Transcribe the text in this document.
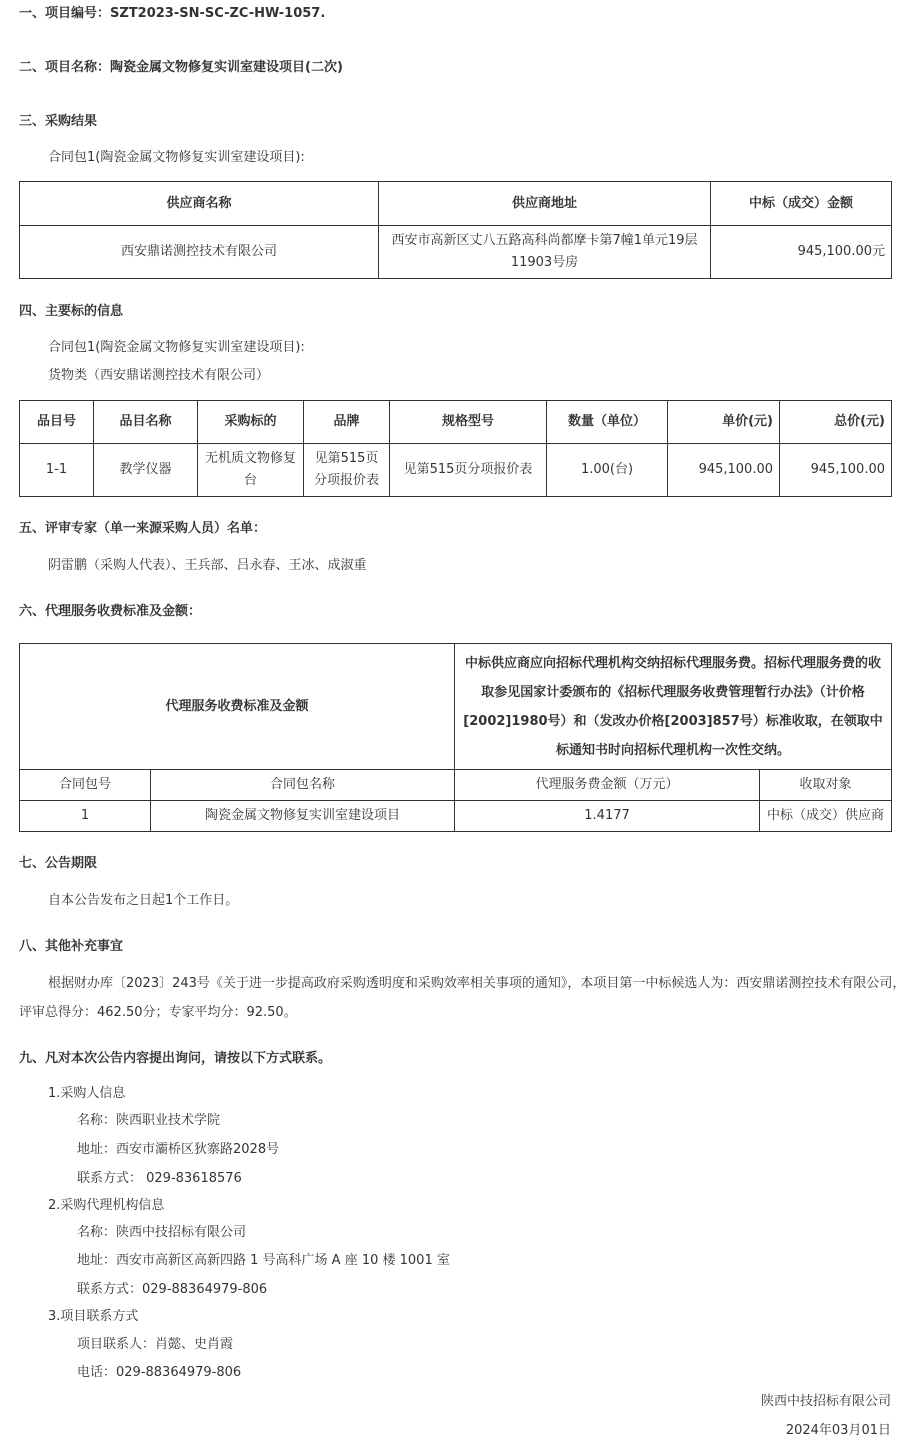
一、项目编号：SZT2023-SN-SC-ZC-HW-1057.
二、项目名称：陶瓷金属文物修复实训室建设项目(二次)
三、采购结果
合同包1(陶瓷金属文物修复实训室建设项目):
供应商名称	供应商地址	中标（成交）金额
西安鼎诺测控技术有限公司	西安市高新区丈八五路高科尚都摩卡第7幢1单元19层11903号房	945,100.00元
四、主要标的信息
合同包1(陶瓷金属文物修复实训室建设项目):
货物类（西安鼎诺测控技术有限公司）
品目号	品目名称	采购标的	品牌	规格型号	数量（单位）	单价(元)	总价(元)
1-1	教学仪器	无机质文物修复台	见第515页分项报价表	见第515页分项报价表	1.00(台)	945,100.00	945,100.00
五、评审专家（单一来源采购人员）名单：
阴雷鹏（采购人代表）、王兵部、吕永春、王冰、成淑重
六、代理服务收费标准及金额：
代理服务收费标准及金额		中标供应商应向招标代理机构交纳招标代理服务费。招标代理服务费的收取参见国家计委颁布的《招标代理服务收费管理暂行办法》（计价格[2002]1980号）和（发改办价格[2003]857号）标准收取，在领取中标通知书时向招标代理机构一次性交纳。	
合同包号	合同包名称	代理服务费金额（万元）	收取对象
1	陶瓷金属文物修复实训室建设项目	1.4177	中标（成交）供应商
七、公告期限
自本公告发布之日起1个工作日。
八、其他补充事宜
根据财办库〔2023〕243号《关于进一步提高政府采购透明度和采购效率相关事项的通知》，本项目第一中标候选人为：西安鼎诺测控技术有限公司，
评审总得分：462.50分；专家平均分：92.50。
九、凡对本次公告内容提出询问，请按以下方式联系。
1.采购人信息
名称：陕西职业技术学院
地址：西安市灞桥区狄寨路2028号
联系方式： 029-83618576
2.采购代理机构信息
名称：陕西中技招标有限公司
地址：西安市高新区高新四路 1 号高科广场 A 座 10 楼 1001 室
联系方式：029-88364979-806
3.项目联系方式
项目联系人：肖懿、史肖霞
电话：029-88364979-806
陕西中技招标有限公司
2024年03月01日
